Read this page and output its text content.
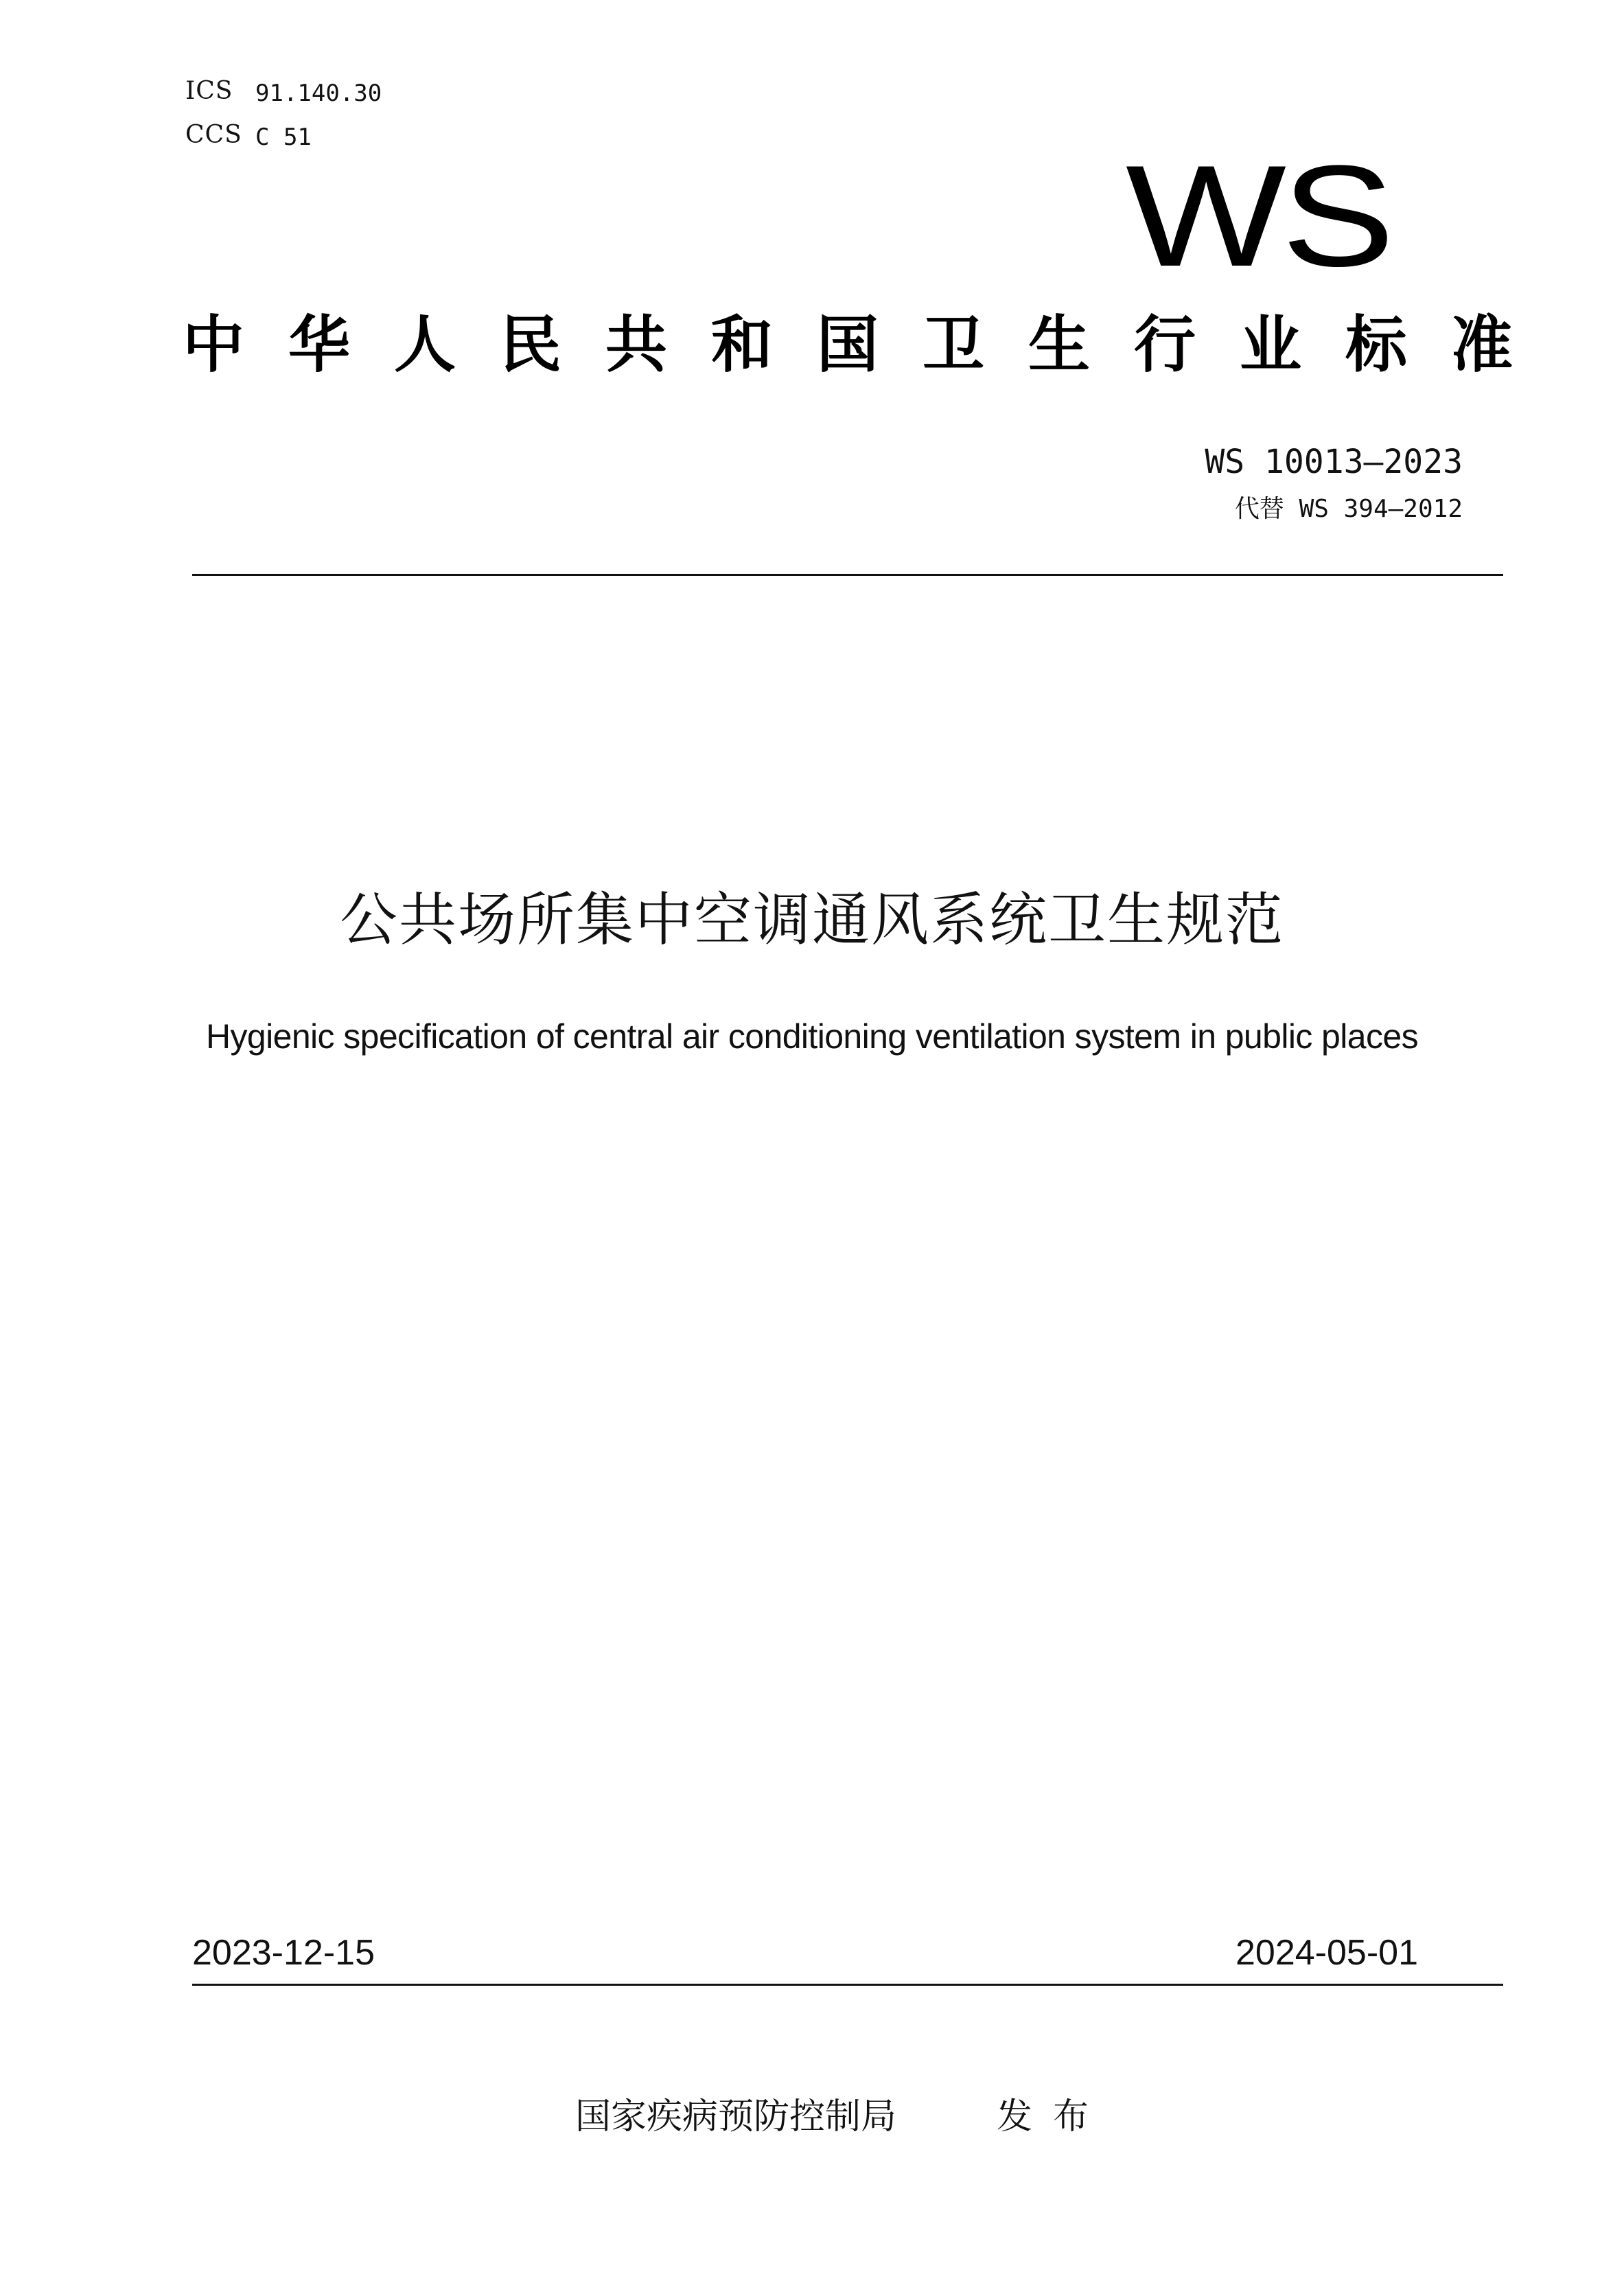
ICS 91.140.30
CCS C 51	WS
中华人民共和国卫生行业标准
WS 10013—2023
代替 WS 394—2012
公共场所集中空调通风系统卫生规范
Hygienic specification of central air conditioning ventilation system in public places
2023-12-15	2024-05-01
国家疾病预防控制局	发布
